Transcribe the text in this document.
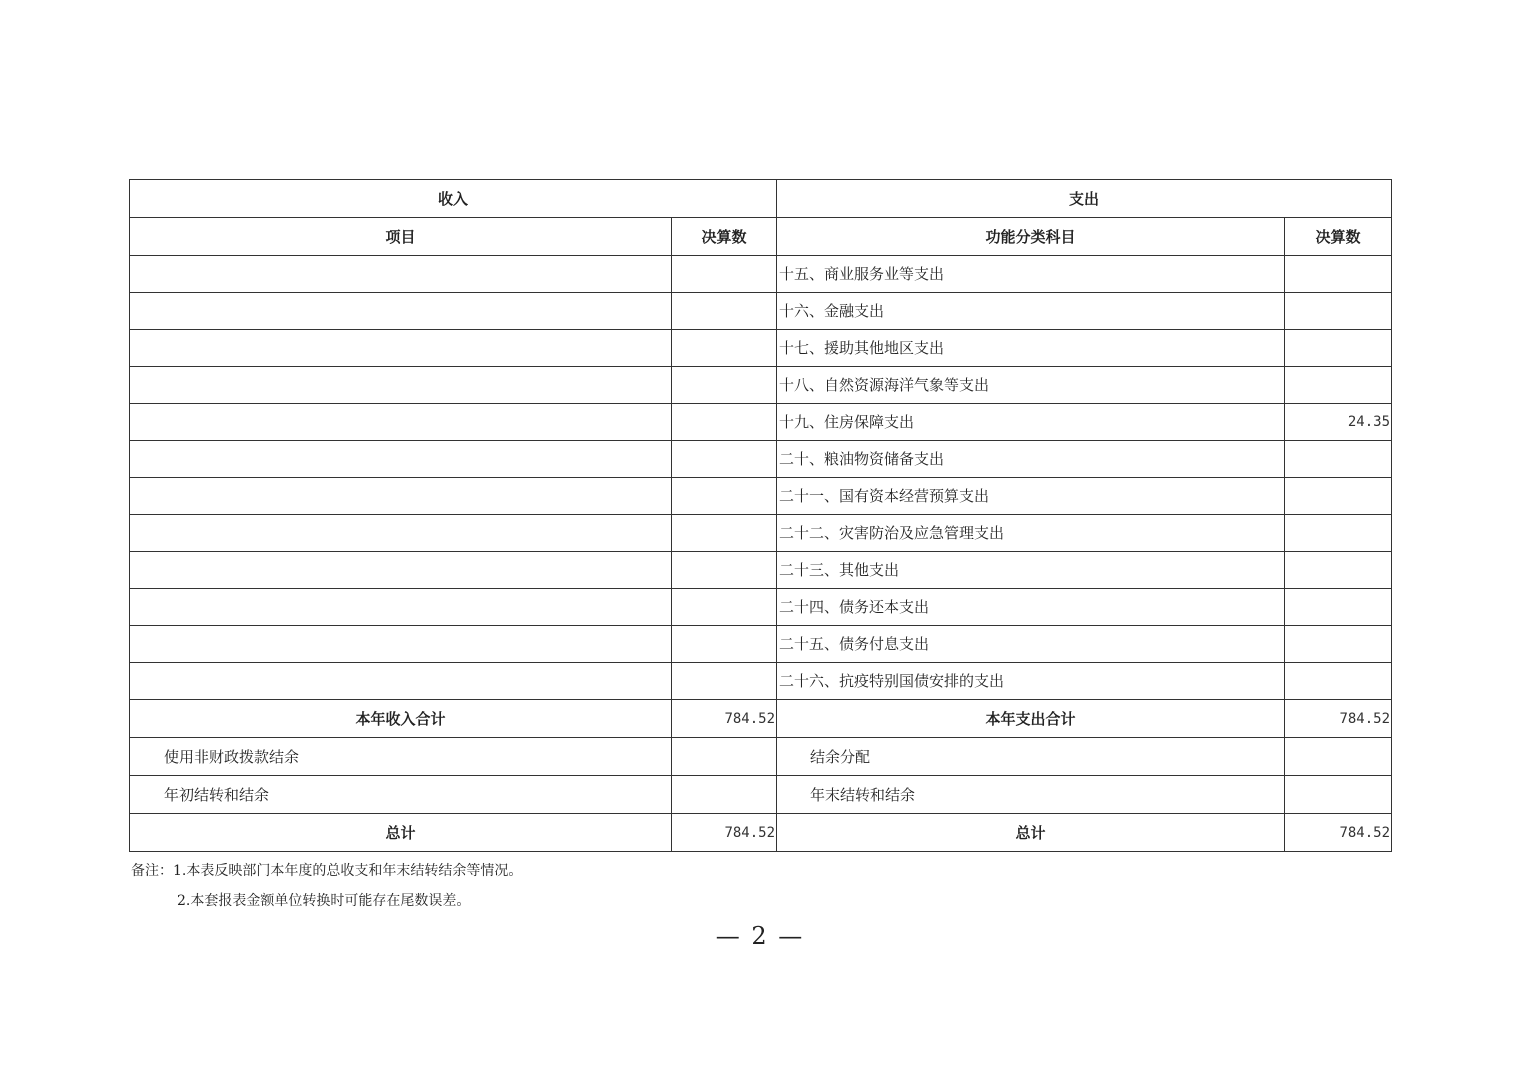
收入		支出	
项目	决算数	功能分类科目	决算数
		十五、商业服务业等支出	
		十六、金融支出	
		十七、援助其他地区支出	
		十八、自然资源海洋气象等支出	
		十九、住房保障支出	24.35
		二十、粮油物资储备支出	
		二十一、国有资本经营预算支出	
		二十二、灾害防治及应急管理支出	
		二十三、其他支出	
		二十四、债务还本支出	
		二十五、债务付息支出	
		二十六、抗疫特别国债安排的支出	
本年收入合计	784.52	本年支出合计	784.52
使用非财政拨款结余		结余分配	
年初结转和结余		年末结转和结余	
总计	784.52	总计	784.52
备注：1.本表反映部门本年度的总收支和年末结转结余等情况。
2.本套报表金额单位转换时可能存在尾数误差。
— 2 —
